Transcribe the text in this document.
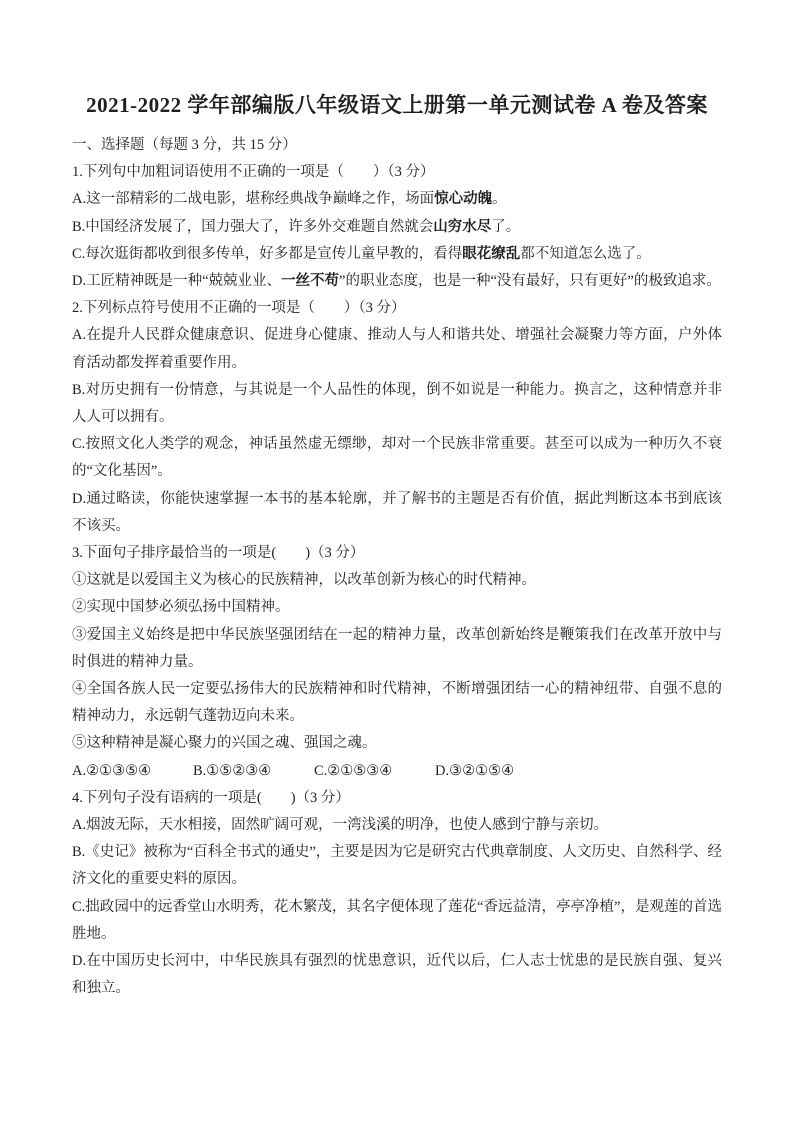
2021-2022 学年部编版八年级语文上册第一单元测试卷 A 卷及答案

一、选择题（每题 3 分，共 15 分）

1.下列句中加粗词语使用不正确的一项是（　　）（3 分）

A.这一部精彩的二战电影，堪称经典战争巅峰之作，场面惊心动魄。

B.中国经济发展了，国力强大了，许多外交难题自然就会山穷水尽了。

C.每次逛街都收到很多传单，好多都是宣传儿童早教的，看得眼花缭乱都不知道怎么选了。

D.工匠精神既是一种“兢兢业业、一丝不苟”的职业态度，也是一种“没有最好，只有更好”的极致追求。

2.下列标点符号使用不正确的一项是（　　）（3 分）

A.在提升人民群众健康意识、促进身心健康、推动人与人和谐共处、增强社会凝聚力等方面，户外体育活动都发挥着重要作用。

B.对历史拥有一份情意，与其说是一个人品性的体现，倒不如说是一种能力。换言之，这种情意并非人人可以拥有。

C.按照文化人类学的观念，神话虽然虚无缥缈，却对一个民族非常重要。甚至可以成为一种历久不衰的“文化基因”。

D.通过略读，你能快速掌握一本书的基本轮廓，并了解书的主题是否有价值，据此判断这本书到底该不该买。

3.下面句子排序最恰当的一项是(　　)（3 分）

①这就是以爱国主义为核心的民族精神，以改革创新为核心的时代精神。

②实现中国梦必须弘扬中国精神。

③爱国主义始终是把中华民族坚强团结在一起的精神力量，改革创新始终是鞭策我们在改革开放中与时俱进的精神力量。

④全国各族人民一定要弘扬伟大的民族精神和时代精神，不断增强团结一心的精神纽带、自强不息的精神动力，永远朝气蓬勃迈向未来。

⑤这种精神是凝心聚力的兴国之魂、强国之魂。

A.②①③⑤④	B.①⑤②③④	C.②①⑤③④	D.③②①⑤④

4.下列句子没有语病的一项是(　　)（3 分）

A.烟波无际，天水相接，固然旷阔可观，一湾浅溪的明净，也使人感到宁静与亲切。

B.《史记》被称为“百科全书式的通史”，主要是因为它是研究古代典章制度、人文历史、自然科学、经济文化的重要史料的原因。

C.拙政园中的远香堂山水明秀，花木繁茂，其名字便体现了莲花“香远益清，亭亭净植”，是观莲的首选胜地。

D.在中国历史长河中，中华民族具有强烈的忧患意识，近代以后，仁人志士忧患的是民族自强、复兴和独立。
